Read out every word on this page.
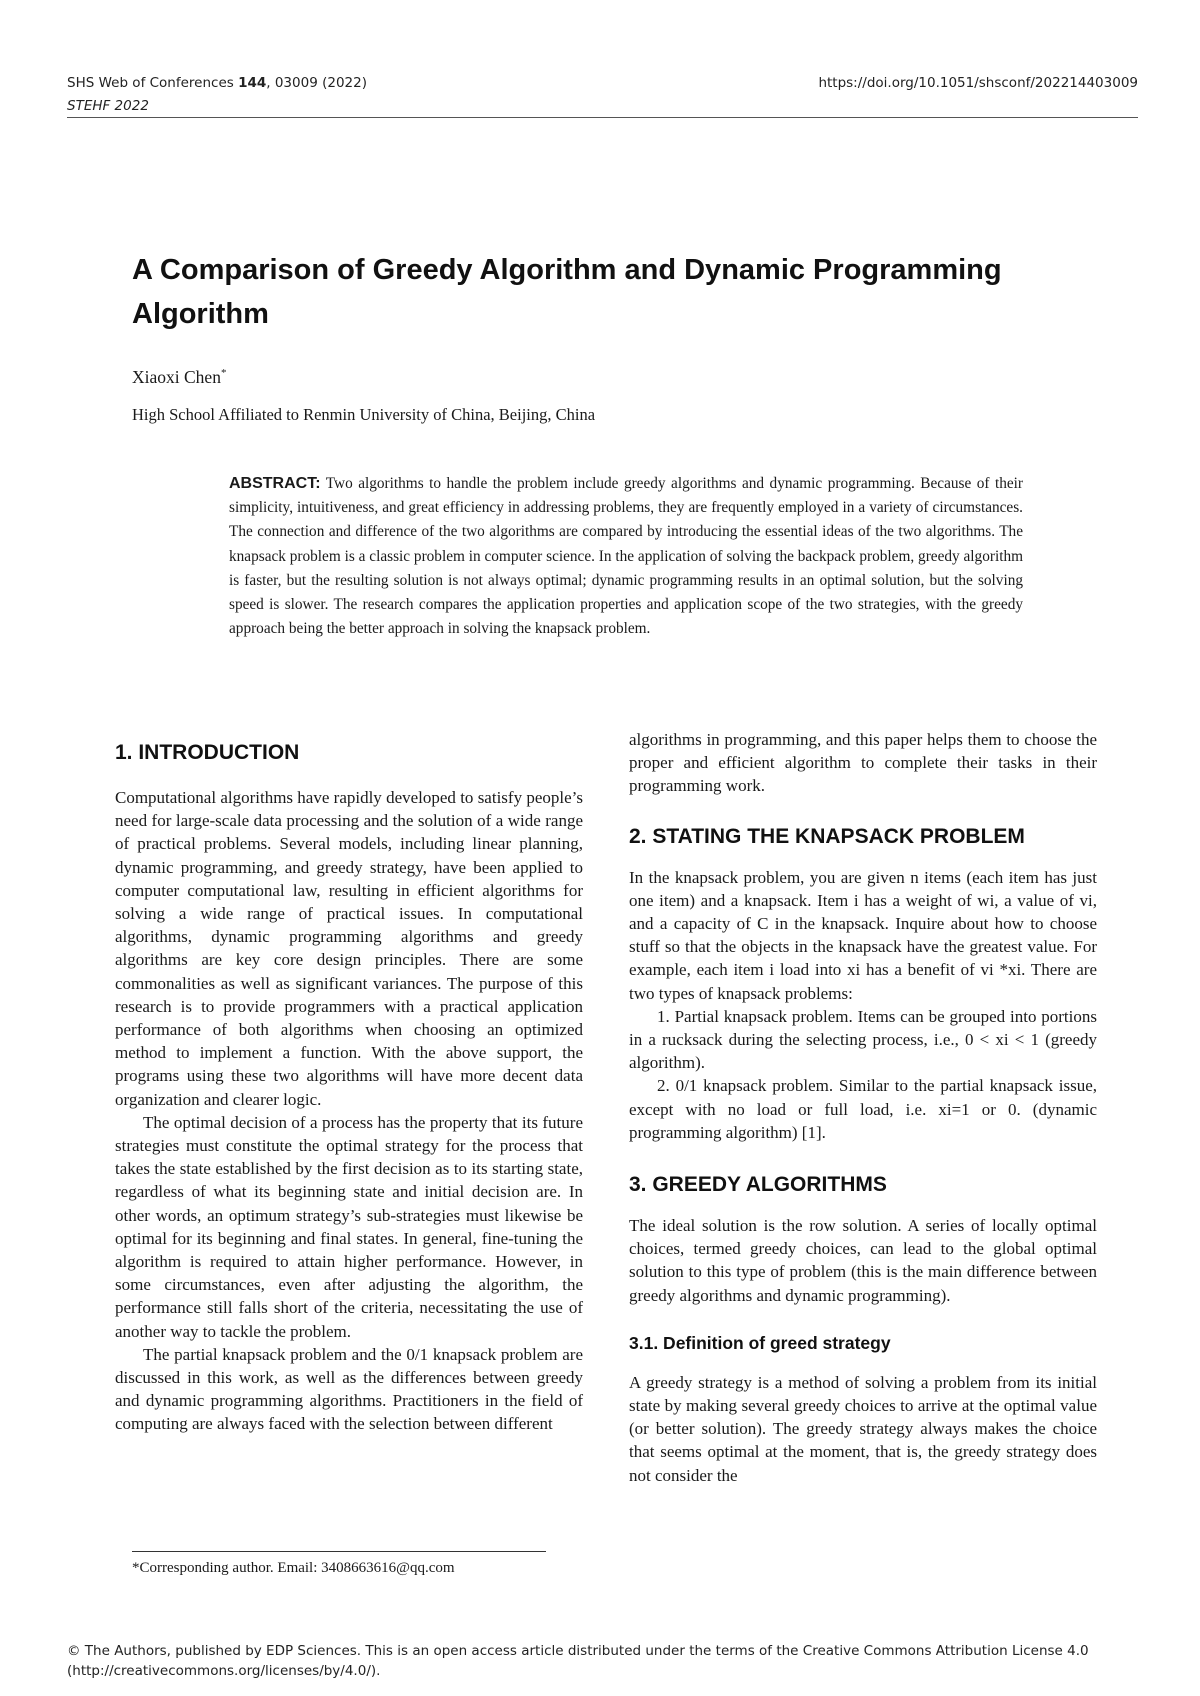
SHS Web of Conferences 144, 03009 (2022)
STEHF 2022
https://doi.org/10.1051/shsconf/202214403009
A Comparison of Greedy Algorithm and Dynamic Programming Algorithm
Xiaoxi Chen*
High School Affiliated to Renmin University of China, Beijing, China
ABSTRACT: Two algorithms to handle the problem include greedy algorithms and dynamic programming. Because of their simplicity, intuitiveness, and great efficiency in addressing problems, they are frequently employed in a variety of circumstances. The connection and difference of the two algorithms are compared by introducing the essential ideas of the two algorithms. The knapsack problem is a classic problem in computer science. In the application of solving the backpack problem, greedy algorithm is faster, but the resulting solution is not always optimal; dynamic programming results in an optimal solution, but the solving speed is slower. The research compares the application properties and application scope of the two strategies, with the greedy approach being the better approach in solving the knapsack problem.
1. INTRODUCTION

Computational algorithms have rapidly developed to satisfy people’s need for large-scale data processing and the solution of a wide range of practical problems. Several models, including linear planning, dynamic programming, and greedy strategy, have been applied to computer computational law, resulting in efficient algorithms for solving a wide range of practical issues. In computational algorithms, dynamic programming algorithms and greedy algorithms are key core design principles. There are some commonalities as well as significant variances. The purpose of this research is to provide programmers with a practical application performance of both algorithms when choosing an optimized method to implement a function. With the above support, the programs using these two algorithms will have more decent data organization and clearer logic.

The optimal decision of a process has the property that its future strategies must constitute the optimal strategy for the process that takes the state established by the first decision as to its starting state, regardless of what its beginning state and initial decision are. In other words, an optimum strategy’s sub-strategies must likewise be optimal for its beginning and final states. In general, fine-tuning the algorithm is required to attain higher performance. However, in some circumstances, even after adjusting the algorithm, the performance still falls short of the criteria, necessitating the use of another way to tackle the problem.

The partial knapsack problem and the 0/1 knapsack problem are discussed in this work, as well as the differences between greedy and dynamic programming algorithms. Practitioners in the field of computing are always faced with the selection between different

algorithms in programming, and this paper helps them to choose the proper and efficient algorithm to complete their tasks in their programming work.

2. STATING THE KNAPSACK PROBLEM

In the knapsack problem, you are given n items (each item has just one item) and a knapsack. Item i has a weight of wi, a value of vi, and a capacity of C in the knapsack. Inquire about how to choose stuff so that the objects in the knapsack have the greatest value. For example, each item i load into xi has a benefit of vi *xi. There are two types of knapsack problems:

1. Partial knapsack problem. Items can be grouped into portions in a rucksack during the selecting process, i.e., 0 < xi < 1 (greedy algorithm).

2. 0/1 knapsack problem. Similar to the partial knapsack issue, except with no load or full load, i.e. xi=1 or 0. (dynamic programming algorithm) [1].

3. GREEDY ALGORITHMS

The ideal solution is the row solution. A series of locally optimal choices, termed greedy choices, can lead to the global optimal solution to this type of problem (this is the main difference between greedy algorithms and dynamic programming).

3.1. Definition of greed strategy

A greedy strategy is a method of solving a problem from its initial state by making several greedy choices to arrive at the optimal value (or better solution). The greedy strategy always makes the choice that seems optimal at the moment, that is, the greedy strategy does not consider the

*Corresponding author. Email: 3408663616@qq.com
© The Authors, published by EDP Sciences. This is an open access article distributed under the terms of the Creative Commons Attribution License 4.0 (http://creativecommons.org/licenses/by/4.0/).
